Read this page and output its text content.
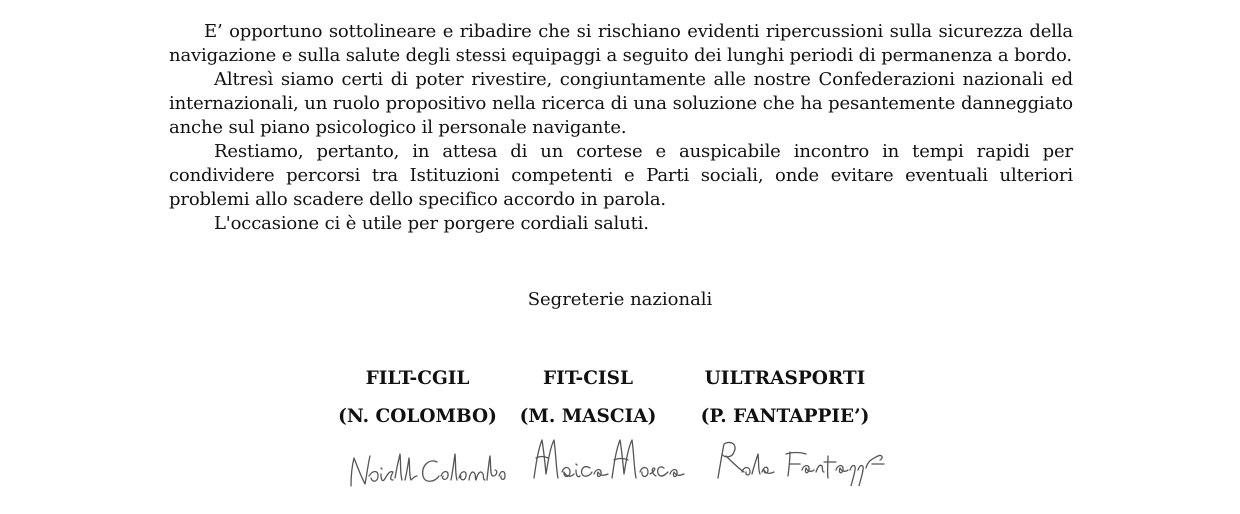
E’ opportuno sottolineare e ribadire che si rischiano evidenti ripercussioni sulla sicurezza della navigazione e sulla salute degli stessi equipaggi a seguito dei lunghi periodi di permanenza a bordo.

Altresì siamo certi di poter rivestire, congiuntamente alle nostre Confederazioni nazionali ed internazionali, un ruolo propositivo nella ricerca di una soluzione che ha pesantemente danneggiato anche sul piano psicologico il personale navigante.

Restiamo, pertanto, in attesa di un cortese e auspicabile incontro in tempi rapidi per condividere percorsi tra Istituzioni competenti e Parti sociali, onde evitare eventuali ulteriori problemi allo scadere dello specifico accordo in parola.

L'occasione ci è utile per porgere cordiali saluti.

Segreterie nazionali
FILT-CGIL	FIT-CISL	UILTRASPORTI
(N. COLOMBO)	(M. MASCIA)	(P. FANTAPPIE’)
